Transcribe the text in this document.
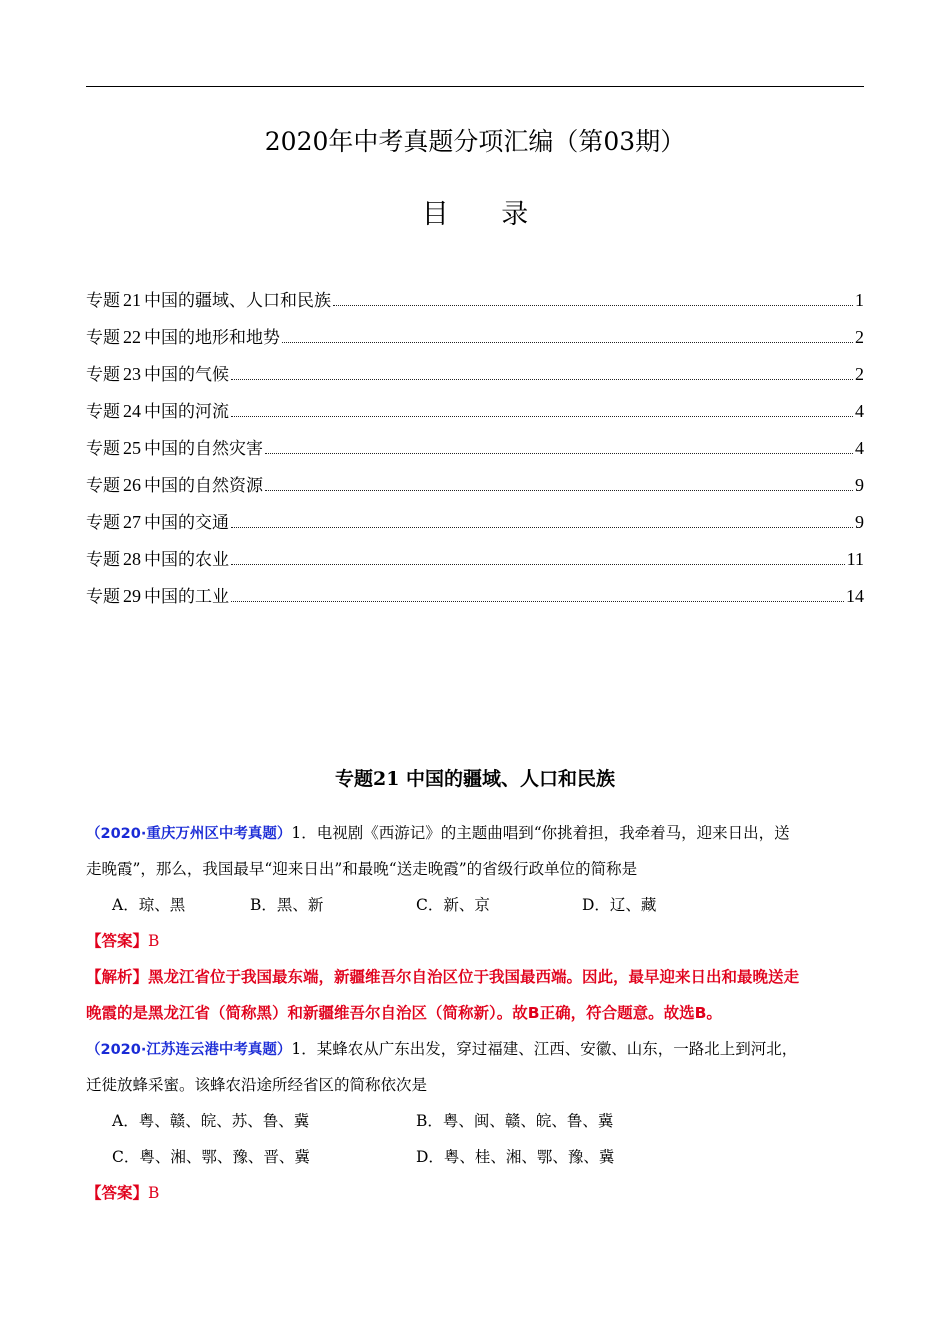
2020年中考真题分项汇编（第03期）
目 录
专题 21 中国的疆域、人口和民族	1
专题 22 中国的地形和地势	2
专题 23 中国的气候	2
专题 24 中国的河流	4
专题 25 中国的自然灾害	4
专题 26 中国的自然资源	9
专题 27 中国的交通	9
专题 28 中国的农业	11
专题 29 中国的工业	14
专题21 中国的疆域、人口和民族
（2020·重庆万州区中考真题）1．电视剧《西游记》的主题曲唱到“你挑着担，我牵着马，迎来日出，送
走晚霞”，那么，我国最早“迎来日出”和最晚“送走晚霞”的省级行政单位的简称是
A．琼、黑	B．黑、新	C．新、京	D．辽、藏
【答案】B
【解析】黑龙江省位于我国最东端，新疆维吾尔自治区位于我国最西端。因此，最早迎来日出和最晚送走
晚霞的是黑龙江省（简称黑）和新疆维吾尔自治区（简称新）。故B正确，符合题意。故选B。
（2020·江苏连云港中考真题）1．某蜂农从广东出发，穿过福建、江西、安徽、山东，一路北上到河北，
迁徙放蜂采蜜。该蜂农沿途所经省区的简称依次是
A．粤、赣、皖、苏、鲁、冀	B．粤、闽、赣、皖、鲁、冀
C．粤、湘、鄂、豫、晋、冀	D．粤、桂、湘、鄂、豫、冀
【答案】B
